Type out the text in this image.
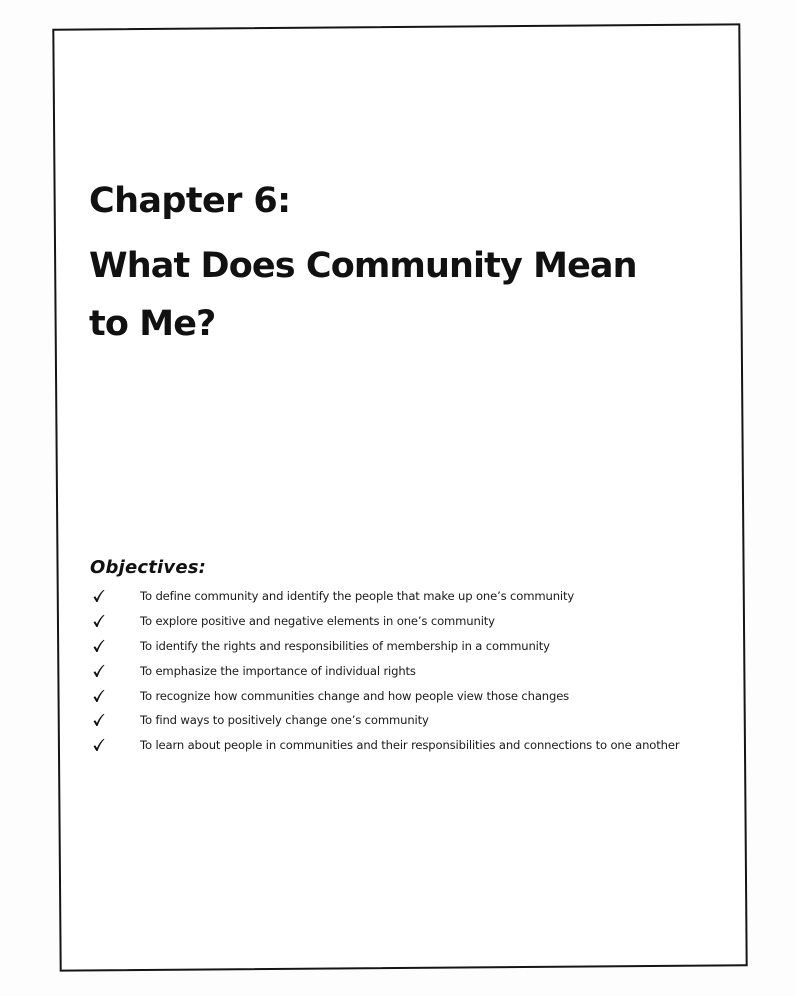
Chapter 6:
What Does Community Mean to Me?
Objectives:
To define community and identify the people that make up one’s community
To explore positive and negative elements in one’s community
To identify the rights and responsibilities of membership in a community
To emphasize the importance of individual rights
To recognize how communities change and how people view those changes
To find ways to positively change one’s community
To learn about people in communities and their responsibilities and connections to one another
